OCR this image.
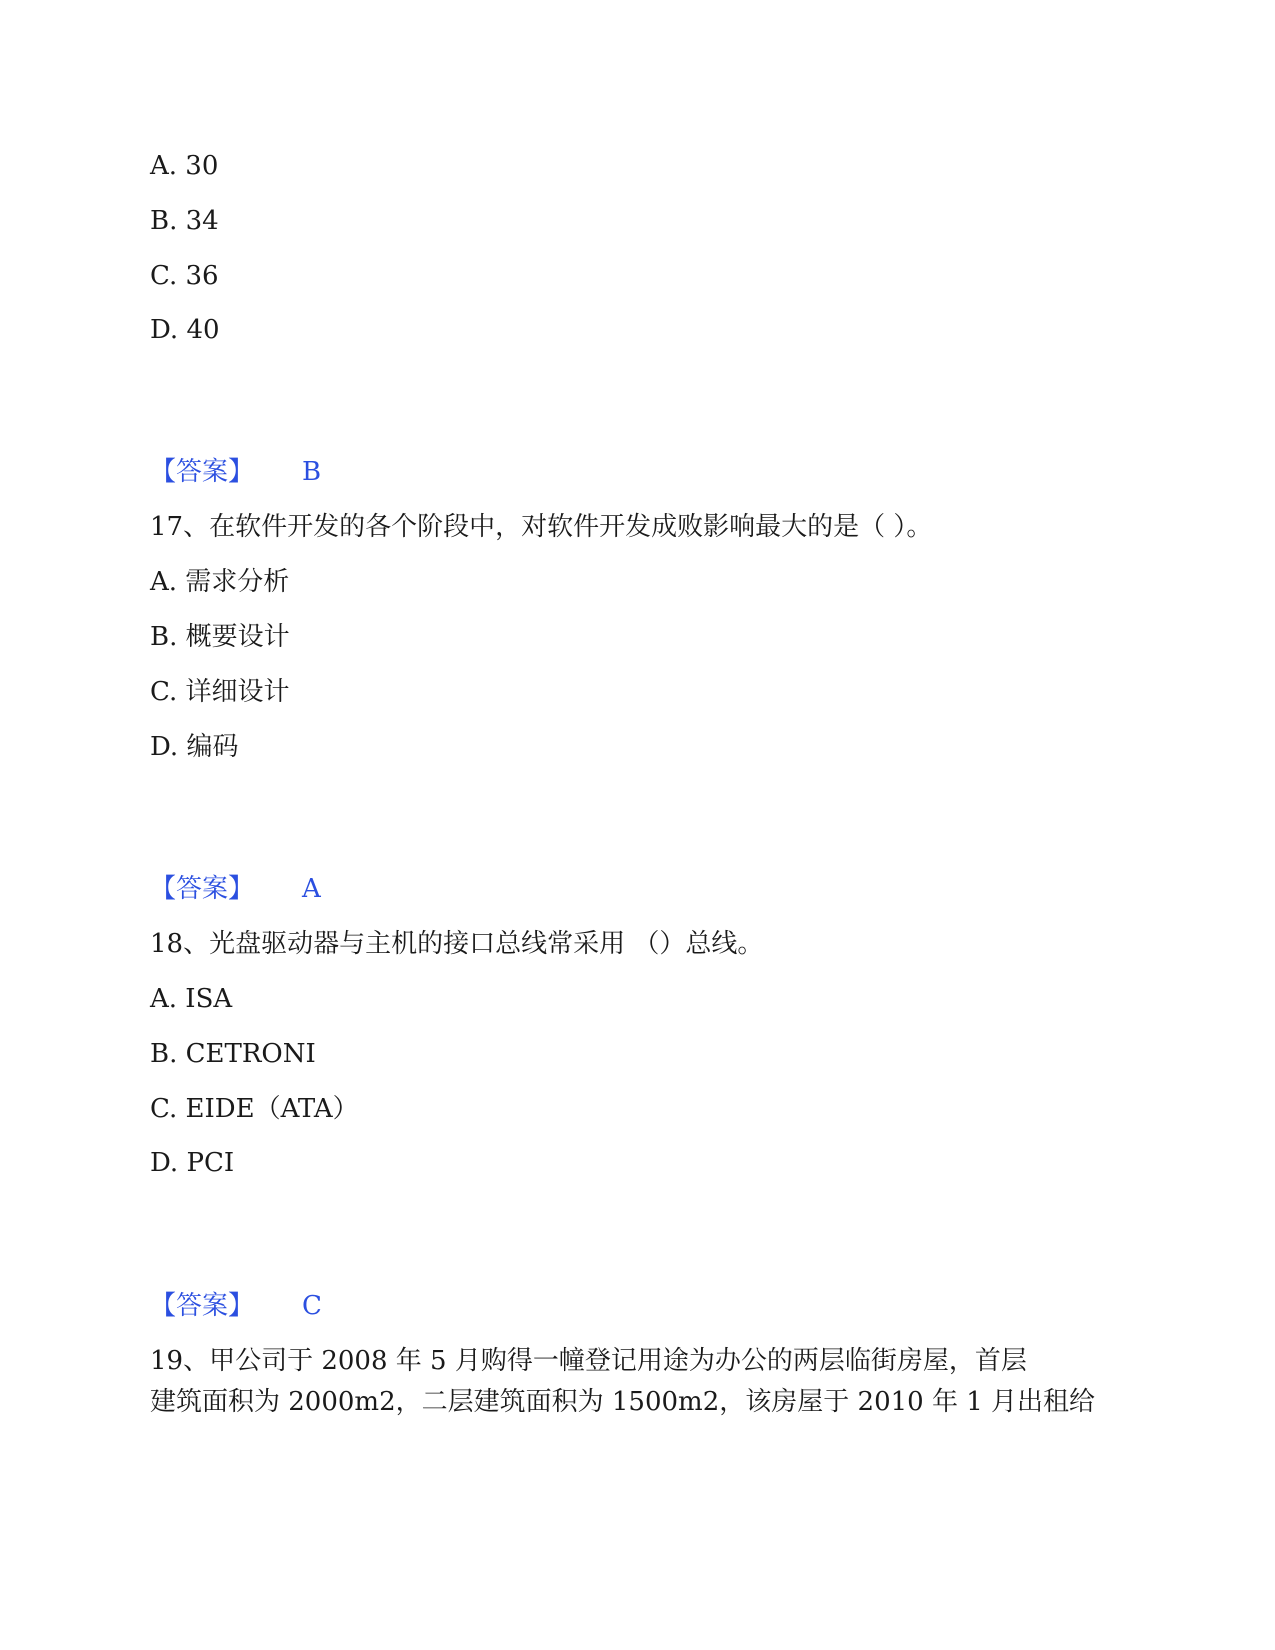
A. 30

B. 34

C. 36

D. 40

【答案】 B

17、在软件开发的各个阶段中，对软件开发成败影响最大的是（ ）。

A. 需求分析

B. 概要设计

C. 详细设计

D. 编码

【答案】 A

18、光盘驱动器与主机的接口总线常采用 （）总线。

A. ISA

B. CETRONI

C. EIDE（ATA）

D. PCI

【答案】 C

19、甲公司于 2008 年 5 月购得一幢登记用途为办公的两层临街房屋，首层

建筑面积为 2000m2，二层建筑面积为 1500m2，该房屋于 2010 年 1 月出租给
